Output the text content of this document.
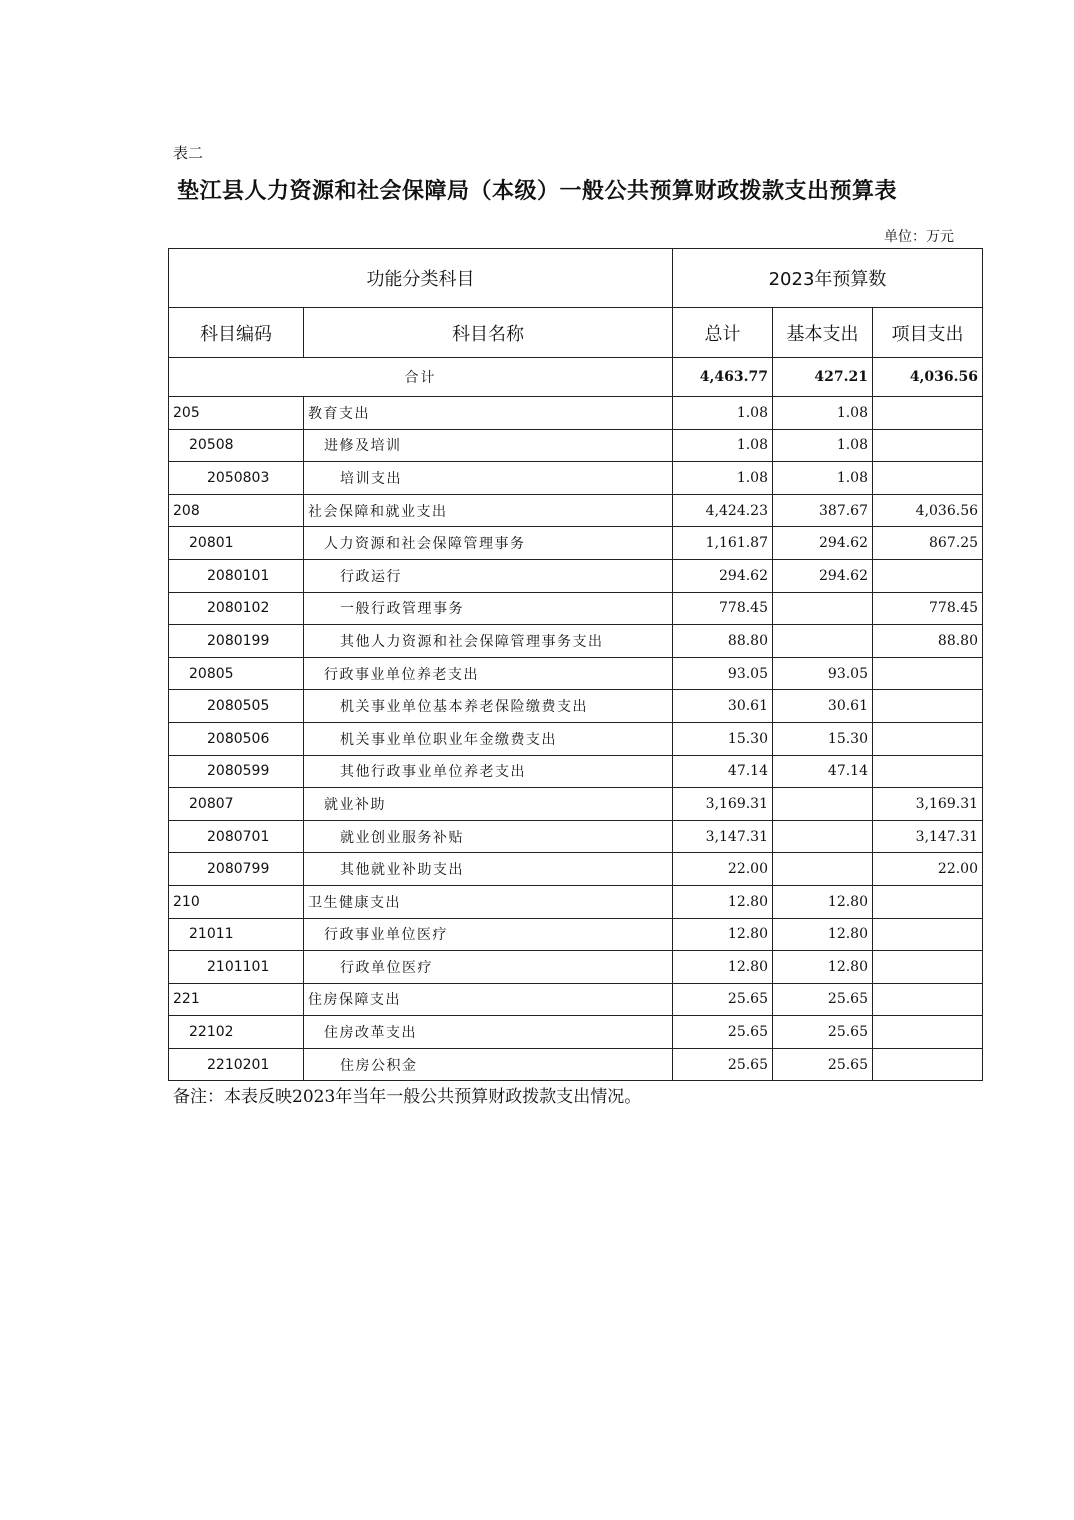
表二
垫江县人力资源和社会保障局（本级）一般公共预算财政拨款支出预算表
单位：万元
功能分类科目		2023年预算数		
科目编码	科目名称	总计	基本支出	项目支出
合计		4,463.77	427.21	4,036.56
205	教育支出	1.08	1.08	
20508	进修及培训	1.08	1.08	
2050803	培训支出	1.08	1.08	
208	社会保障和就业支出	4,424.23	387.67	4,036.56
20801	人力资源和社会保障管理事务	1,161.87	294.62	867.25
2080101	行政运行	294.62	294.62	
2080102	一般行政管理事务	778.45		778.45
2080199	其他人力资源和社会保障管理事务支出	88.80		88.80
20805	行政事业单位养老支出	93.05	93.05	
2080505	机关事业单位基本养老保险缴费支出	30.61	30.61	
2080506	机关事业单位职业年金缴费支出	15.30	15.30	
2080599	其他行政事业单位养老支出	47.14	47.14	
20807	就业补助	3,169.31		3,169.31
2080701	就业创业服务补贴	3,147.31		3,147.31
2080799	其他就业补助支出	22.00		22.00
210	卫生健康支出	12.80	12.80	
21011	行政事业单位医疗	12.80	12.80	
2101101	行政单位医疗	12.80	12.80	
221	住房保障支出	25.65	25.65	
22102	住房改革支出	25.65	25.65	
2210201	住房公积金	25.65	25.65	
备注：本表反映2023年当年一般公共预算财政拨款支出情况。
